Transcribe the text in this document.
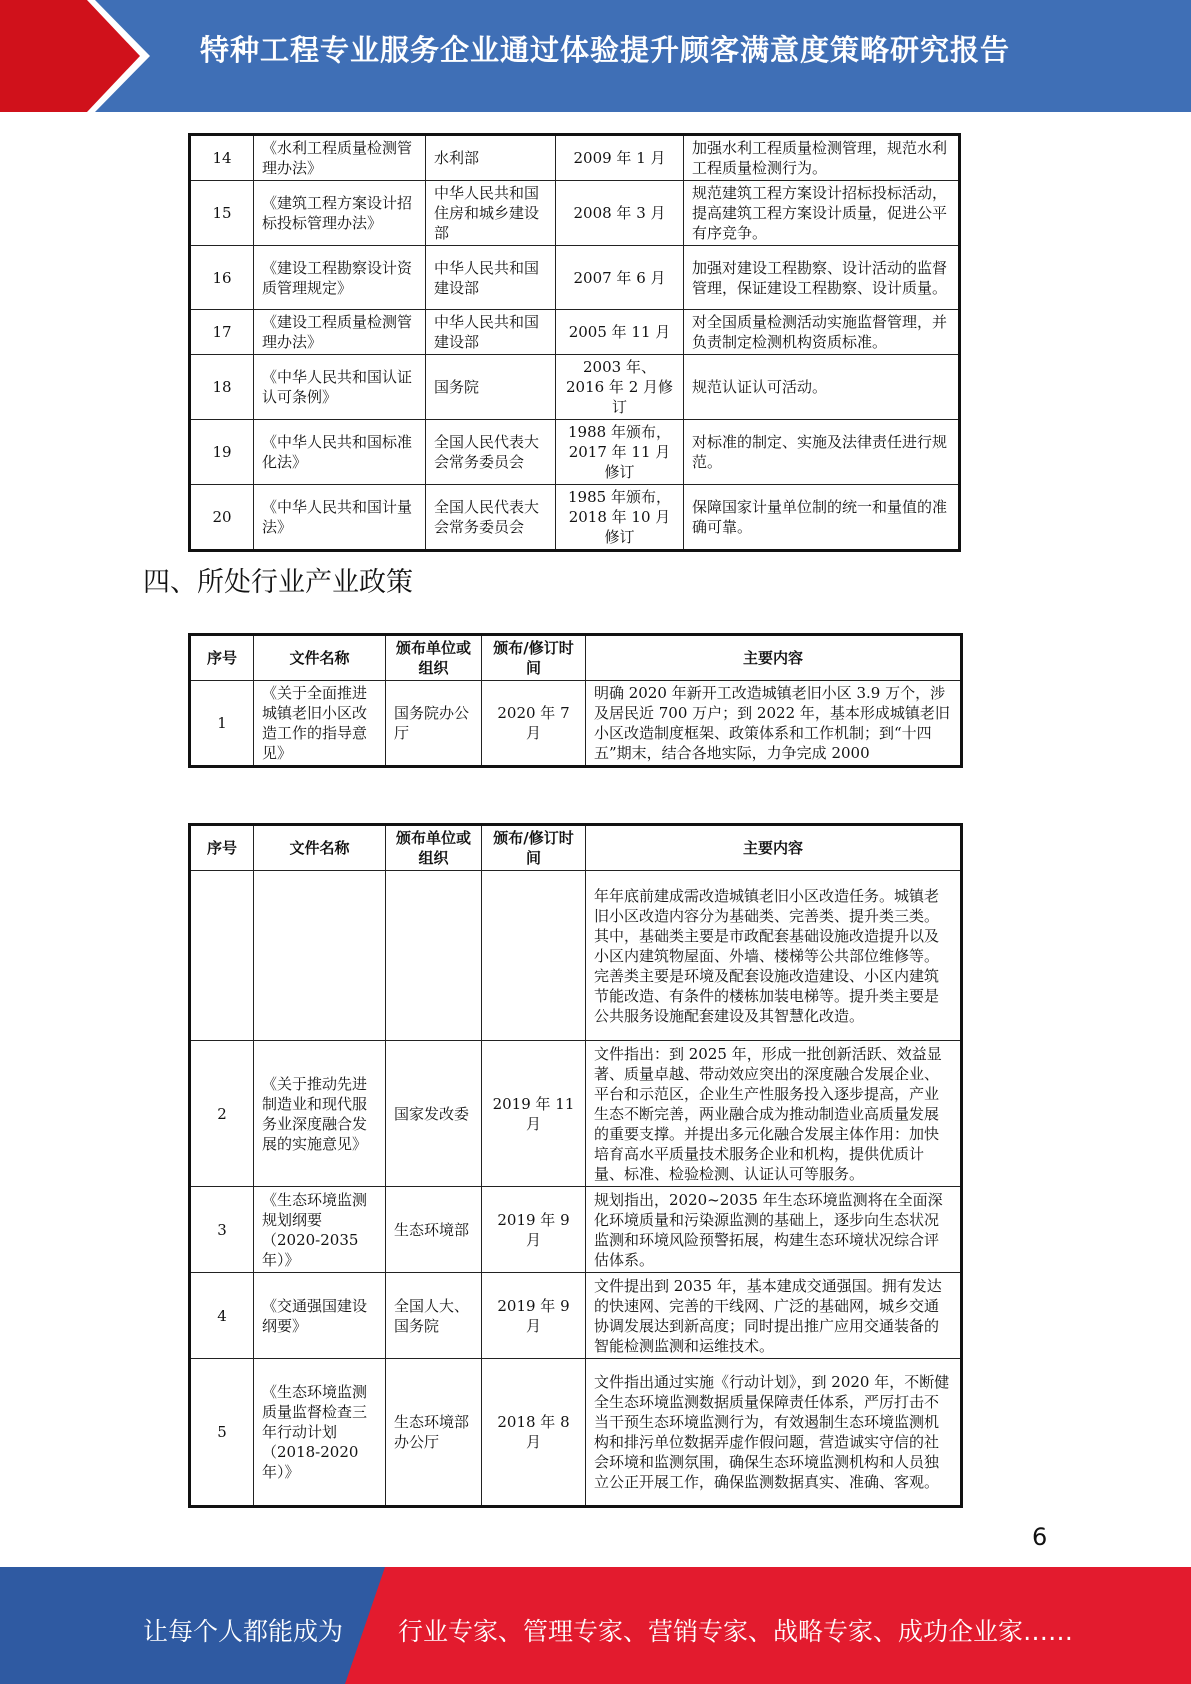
特种工程专业服务企业通过体验提升顾客满意度策略研究报告
14	《水利工程质量检测管理办法》	水利部	2009 年 1 月	加强水利工程质量检测管理，规范水利工程质量检测行为。
15	《建筑工程方案设计招标投标管理办法》	中华人民共和国住房和城乡建设部	2008 年 3 月	规范建筑工程方案设计招标投标活动，提高建筑工程方案设计质量，促进公平有序竞争。
16	《建设工程勘察设计资质管理规定》	中华人民共和国建设部	2007 年 6 月	加强对建设工程勘察、设计活动的监督管理，保证建设工程勘察、设计质量。
17	《建设工程质量检测管理办法》	中华人民共和国建设部	2005 年 11 月	对全国质量检测活动实施监督管理，并负责制定检测机构资质标准。
18	《中华人民共和国认证认可条例》	国务院	2003 年、2016 年 2 月修订	规范认证认可活动。
19	《中华人民共和国标准化法》	全国人民代表大会常务委员会	1988 年颁布，2017 年 11 月修订	对标准的制定、实施及法律责任进行规范。
20	《中华人民共和国计量法》	全国人民代表大会常务委员会	1985 年颁布，2018 年 10 月修订	保障国家计量单位制的统一和量值的准确可靠。
四、所处行业产业政策
序号	文件名称	颁布单位或组织	颁布/修订时间	主要内容
1	《关于全面推进城镇老旧小区改造工作的指导意见》	国务院办公厅	2020 年 7 月	明确 2020 年新开工改造城镇老旧小区 3.9 万个，涉及居民近 700 万户；到 2022 年，基本形成城镇老旧小区改造制度框架、政策体系和工作机制；到“十四五”期末，结合各地实际，力争完成 2000
序号	文件名称	颁布单位或组织	颁布/修订时间	主要内容
				年年底前建成需改造城镇老旧小区改造任务。城镇老旧小区改造内容分为基础类、完善类、提升类三类。其中，基础类主要是市政配套基础设施改造提升以及小区内建筑物屋面、外墙、楼梯等公共部位维修等。完善类主要是环境及配套设施改造建设、小区内建筑节能改造、有条件的楼栋加装电梯等。提升类主要是公共服务设施配套建设及其智慧化改造。
2	《关于推动先进制造业和现代服务业深度融合发展的实施意见》	国家发改委	2019 年 11 月	文件指出：到 2025 年，形成一批创新活跃、效益显著、质量卓越、带动效应突出的深度融合发展企业、平台和示范区，企业生产性服务投入逐步提高，产业生态不断完善，两业融合成为推动制造业高质量发展的重要支撑。并提出多元化融合发展主体作用：加快培育高水平质量技术服务企业和机构，提供优质计量、标准、检验检测、认证认可等服务。
3	《生态环境监测规划纲要（2020-2035 年）》	生态环境部	2019 年 9 月	规划指出，2020~2035 年生态环境监测将在全面深化环境质量和污染源监测的基础上，逐步向生态状况监测和环境风险预警拓展，构建生态环境状况综合评估体系。
4	《交通强国建设纲要》	全国人大、国务院	2019 年 9 月	文件提出到 2035 年，基本建成交通强国。拥有发达的快速网、完善的干线网、广泛的基础网，城乡交通协调发展达到新高度；同时提出推广应用交通装备的智能检测监测和运维技术。
5	《生态环境监测质量监督检查三年行动计划（2018-2020 年）》	生态环境部办公厅	2018 年 8 月	文件指出通过实施《行动计划》，到 2020 年，不断健全生态环境监测数据质量保障责任体系，严厉打击不当干预生态环境监测行为，有效遏制生态环境监测机构和排污单位数据弄虚作假问题，营造诚实守信的社会环境和监测氛围，确保生态环境监测机构和人员独立公正开展工作，确保监测数据真实、准确、客观。
6
让每个人都能成为 行业专家、管理专家、营销专家、战略专家、成功企业家……
